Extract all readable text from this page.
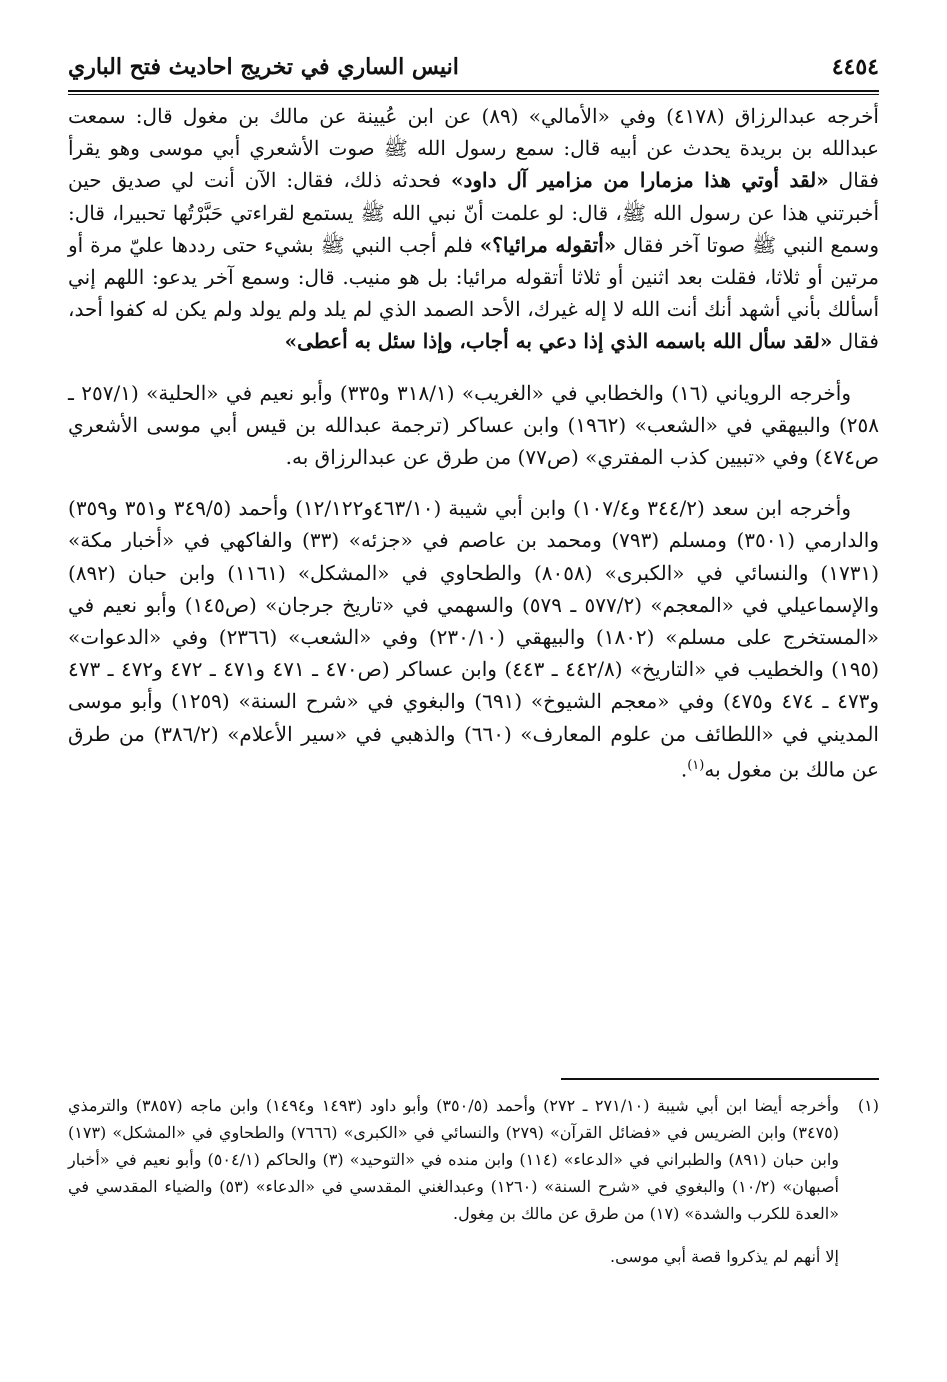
٤٤٥٤
انيس الساري في تخريج احاديث فتح الباري

أخرجه عبدالرزاق (٤١٧٨) وفي «الأمالي» (٨٩) عن ابن عُيينة عن مالك بن مغول قال: سمعت عبدالله بن بريدة يحدث عن أبيه قال: سمع رسول الله ﷺ صوت الأشعري أبي موسى وهو يقرأ فقال «لقد أوتي هذا مزمارا من مزامير آل داود» فحدثه ذلك، فقال: الآن أنت لي صديق حين أخبرتني هذا عن رسول الله ﷺ، قال: لو علمت أنّ نبي الله ﷺ يستمع لقراءتي حَبَّرْتُها تحبيرا، قال: وسمع النبي ﷺ صوتا آخر فقال «أتقوله مرائيا؟» فلم أجب النبي ﷺ بشيء حتى رددها عليّ مرة أو مرتين أو ثلاثا، فقلت بعد اثنين أو ثلاثا أتقوله مرائيا: بل هو منيب. قال: وسمع آخر يدعو: اللهم إني أسألك بأني أشهد أنك أنت الله لا إله غيرك، الأحد الصمد الذي لم يلد ولم يولد ولم يكن له كفوا أحد، فقال «لقد سأل الله باسمه الذي إذا دعي به أجاب، وإذا سئل به أعطى»

وأخرجه الروياني (١٦) والخطابي في «الغريب» (٣١٨/١ و٣٣٥) وأبو نعيم في «الحلية» (٢٥٧/١ ـ ٢٥٨) والبيهقي في «الشعب» (١٩٦٢) وابن عساكر (ترجمة عبدالله بن قيس أبي موسى الأشعري ص٤٧٤) وفي «تبيين كذب المفتري» (ص٧٧) من طرق عن عبدالرزاق به.

وأخرجه ابن سعد (٣٤٤/٢ و١٠٧/٤) وابن أبي شيبة (٤٦٣/١٠و١٢/١٢٢) وأحمد (٣٤٩/٥ و٣٥١ و٣٥٩) والدارمي (٣٥٠١) ومسلم (٧٩٣) ومحمد بن عاصم في «جزئه» (٣٣) والفاكهي في «أخبار مكة» (١٧٣١) والنسائي في «الكبرى» (٨٠٥٨) والطحاوي في «المشكل» (١١٦١) وابن حبان (٨٩٢) والإسماعيلي في «المعجم» (٥٧٧/٢ ـ ٥٧٩) والسهمي في «تاريخ جرجان» (ص١٤٥) وأبو نعيم في «المستخرج على مسلم» (١٨٠٢) والبيهقي (٢٣٠/١٠) وفي «الشعب» (٢٣٦٦) وفي «الدعوات» (١٩٥) والخطيب في «التاريخ» (٤٤٢/٨ ـ ٤٤٣) وابن عساكر (ص٤٧٠ ـ ٤٧١ و٤٧١ ـ ٤٧٢ و٤٧٢ ـ ٤٧٣ و٤٧٣ ـ ٤٧٤ و٤٧٥) وفي «معجم الشيوخ» (٦٩١) والبغوي في «شرح السنة» (١٢٥٩) وأبو موسى المديني في «اللطائف من علوم المعارف» (٦٦٠) والذهبي في «سير الأعلام» (٣٨٦/٢) من طرق عن مالك بن مغول به$^{(١)}$.

(١)
وأخرجه أيضا ابن أبي شيبة (٢٧١/١٠ ـ ٢٧٢) وأحمد (٣٥٠/٥) وأبو داود (١٤٩٣ و١٤٩٤) وابن ماجه (٣٨٥٧) والترمذي (٣٤٧٥) وابن الضريس في «فضائل القرآن» (٢٧٩) والنسائي في «الكبرى» (٧٦٦٦) والطحاوي في «المشكل» (١٧٣) وابن حبان (٨٩١) والطبراني في «الدعاء» (١١٤) وابن منده في «التوحيد» (٣) والحاكم (٥٠٤/١) وأبو نعيم في «أخبار أصبهان» (١٠/٢) والبغوي في «شرح السنة» (١٢٦٠) وعبدالغني المقدسي في «الدعاء» (٥٣) والضياء المقدسي في «العدة للكرب والشدة» (١٧) من طرق عن مالك بن مِغول.
إلا أنهم لم يذكروا قصة أبي موسى.
